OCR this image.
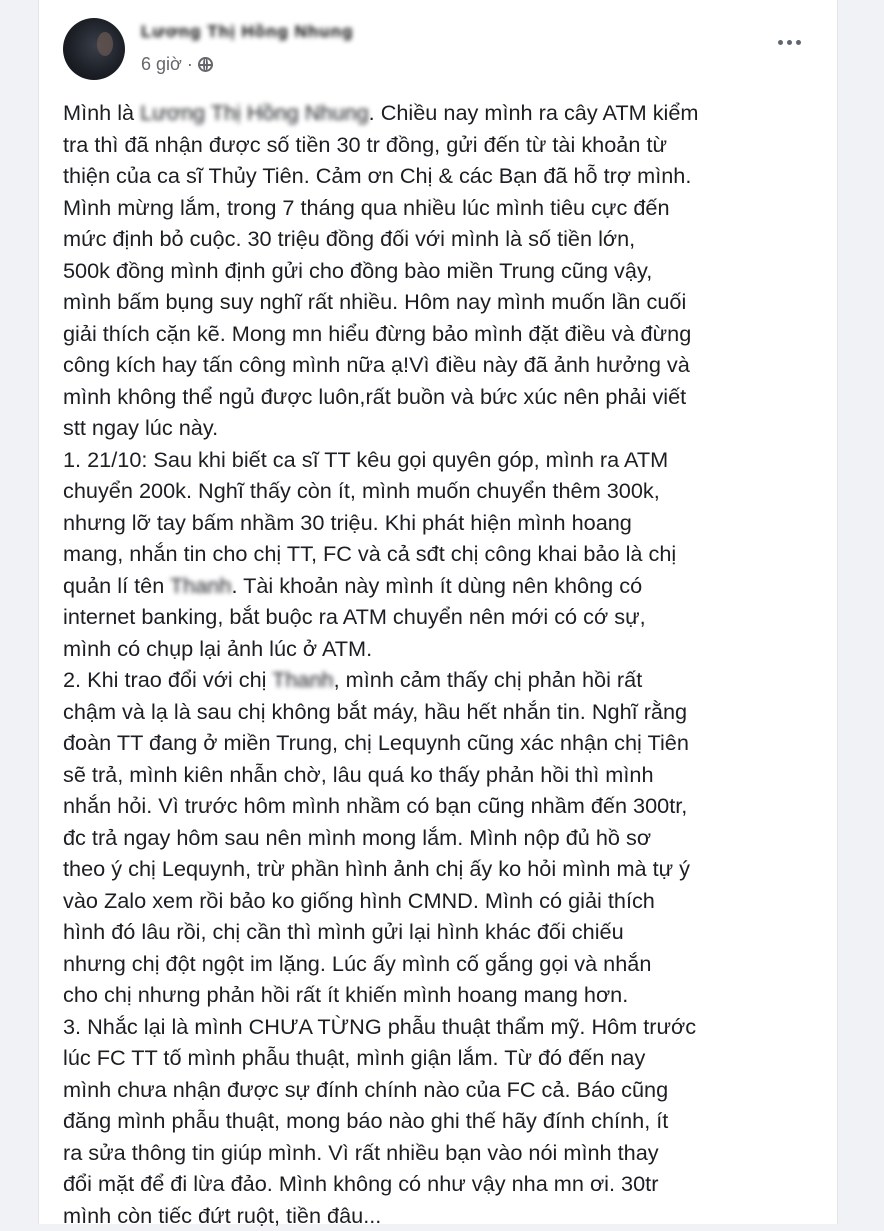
Lương Thị Hồng Nhung
6 giờ ·
Mình là Lương Thị Hồng Nhung. Chiều nay mình ra cây ATM kiểm
tra thì đã nhận được số tiền 30 tr đồng, gửi đến từ tài khoản từ
thiện của ca sĩ Thủy Tiên. Cảm ơn Chị & các Bạn đã hỗ trợ mình.
Mình mừng lắm, trong 7 tháng qua nhiều lúc mình tiêu cực đến
mức định bỏ cuộc. 30 triệu đồng đối với mình là số tiền lớn,
500k đồng mình định gửi cho đồng bào miền Trung cũng vậy,
mình bấm bụng suy nghĩ rất nhiều. Hôm nay mình muốn lần cuối
giải thích cặn kẽ. Mong mn hiểu đừng bảo mình đặt điều và đừng
công kích hay tấn công mình nữa ạ!Vì điều này đã ảnh hưởng và
mình không thể ngủ được luôn,rất buồn và bức xúc nên phải viết
stt ngay lúc này.
1. 21/10: Sau khi biết ca sĩ TT kêu gọi quyên góp, mình ra ATM
chuyển 200k. Nghĩ thấy còn ít, mình muốn chuyển thêm 300k,
nhưng lỡ tay bấm nhầm 30 triệu. Khi phát hiện mình hoang
mang, nhắn tin cho chị TT, FC và cả sđt chị công khai bảo là chị
quản lí tên Thanh. Tài khoản này mình ít dùng nên không có
internet banking, bắt buộc ra ATM chuyển nên mới có cớ sự,
mình có chụp lại ảnh lúc ở ATM.
2. Khi trao đổi với chị Thanh, mình cảm thấy chị phản hồi rất
chậm và lạ là sau chị không bắt máy, hầu hết nhắn tin. Nghĩ rằng
đoàn TT đang ở miền Trung, chị Lequynh cũng xác nhận chị Tiên
sẽ trả, mình kiên nhẫn chờ, lâu quá ko thấy phản hồi thì mình
nhắn hỏi. Vì trước hôm mình nhầm có bạn cũng nhầm đến 300tr,
đc trả ngay hôm sau nên mình mong lắm. Mình nộp đủ hồ sơ
theo ý chị Lequynh, trừ phần hình ảnh chị ấy ko hỏi mình mà tự ý
vào Zalo xem rồi bảo ko giống hình CMND. Mình có giải thích
hình đó lâu rồi, chị cần thì mình gửi lại hình khác đối chiếu
nhưng chị đột ngột im lặng. Lúc ấy mình cố gắng gọi và nhắn
cho chị nhưng phản hồi rất ít khiến mình hoang mang hơn.
3. Nhắc lại là mình CHƯA TỪNG phẫu thuật thẩm mỹ. Hôm trước
lúc FC TT tố mình phẫu thuật, mình giận lắm. Từ đó đến nay
mình chưa nhận được sự đính chính nào của FC cả. Báo cũng
đăng mình phẫu thuật, mong báo nào ghi thế hãy đính chính, ít
ra sửa thông tin giúp mình. Vì rất nhiều bạn vào nói mình thay
đổi mặt để đi lừa đảo. Mình không có như vậy nha mn ơi. 30tr
mình còn tiếc đứt ruột, tiền đâu...
